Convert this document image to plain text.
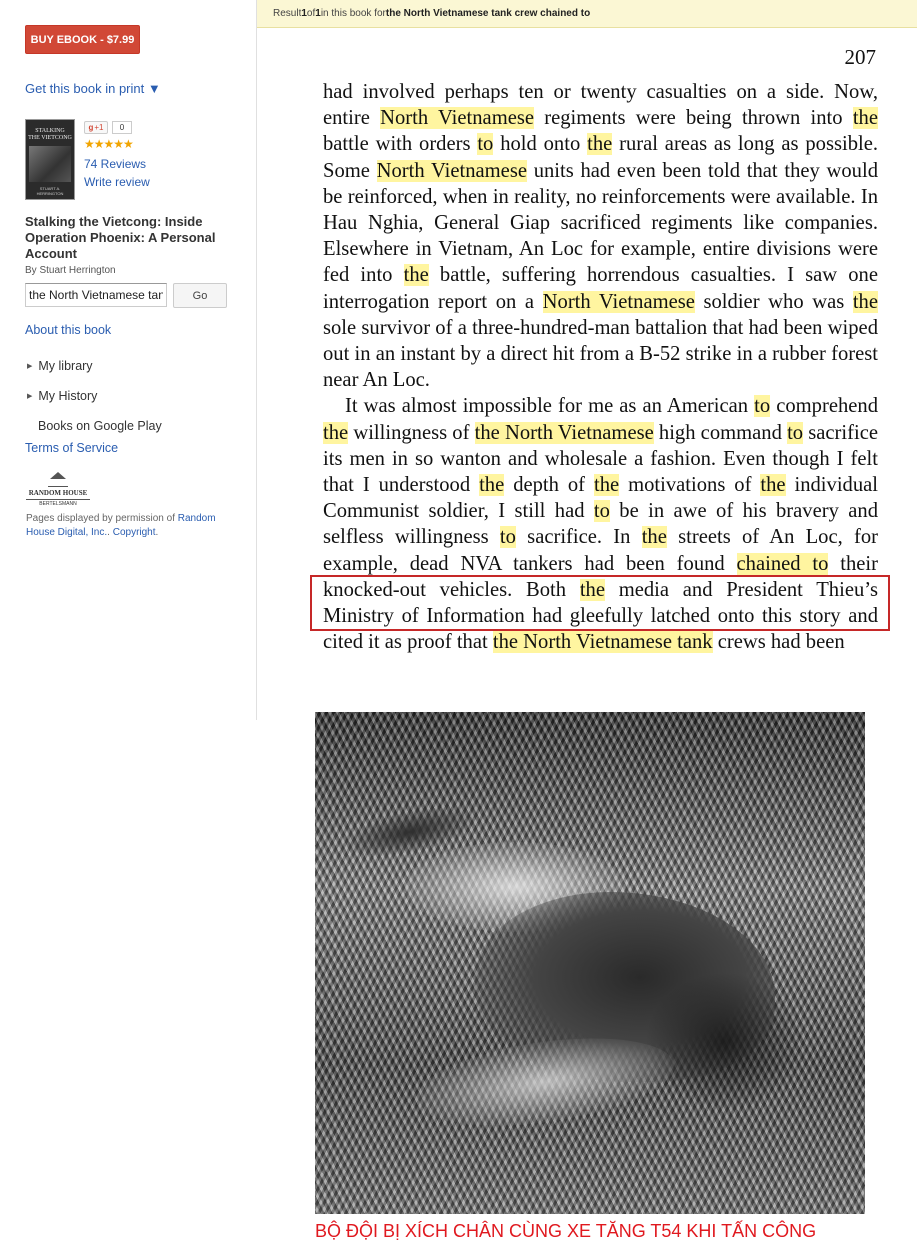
BUY EBOOK - $7.99
Get this book in print ▼
STALKING
THE VIETCONG
STUART A. HERRINGTON
g +1	0
★★★★★
74 Reviews
Write review
Stalking the Vietcong: Inside Operation Phoenix: A Personal Account
By Stuart Herrington
the North Vietnamese tank
Go
About this book
▶ My library
▶ My History
Books on Google Play
Terms of Service
RANDOM HOUSE
BERTELSMANN
Pages displayed by permission of Random House Digital, Inc.. Copyright.
Result 1 of 1 in this book for the North Vietnamese tank crew chained to
207

had involved perhaps ten or twenty casualties on a side. Now, entire North Vietnamese regiments were being thrown into the battle with orders to hold onto the rural areas as long as possible. Some North Vietnamese units had even been told that they would be reinforced, when in reality, no reinforcements were available. In Hau Nghia, General Giap sacrificed regiments like companies. Elsewhere in Vietnam, An Loc for example, entire divisions were fed into the battle, suffering horrendous casualties. I saw one interrogation report on a North Vietnamese soldier who was the sole survivor of a three-hundred-man battalion that had been wiped out in an instant by a direct hit from a B-52 strike in a rubber forest near An Loc.

It was almost impossible for me as an American to comprehend the willingness of the North Vietnamese high command to sacrifice its men in so wanton and wholesale a fashion. Even though I felt that I understood the depth of the motivations of the individual Communist soldier, I still had to be in awe of his bravery and selfless willingness to sacrifice. In the streets of An Loc, for example, dead NVA tankers had been found chained to their knocked-out vehicles. Both the media and President Thieu’s Ministry of Information had gleefully latched onto this story and cited it as proof that the North Vietnamese tank crews had been

BỘ ĐỘI BỊ XÍCH CHÂN CÙNG XE TĂNG T54 KHI TẤN CÔNG
